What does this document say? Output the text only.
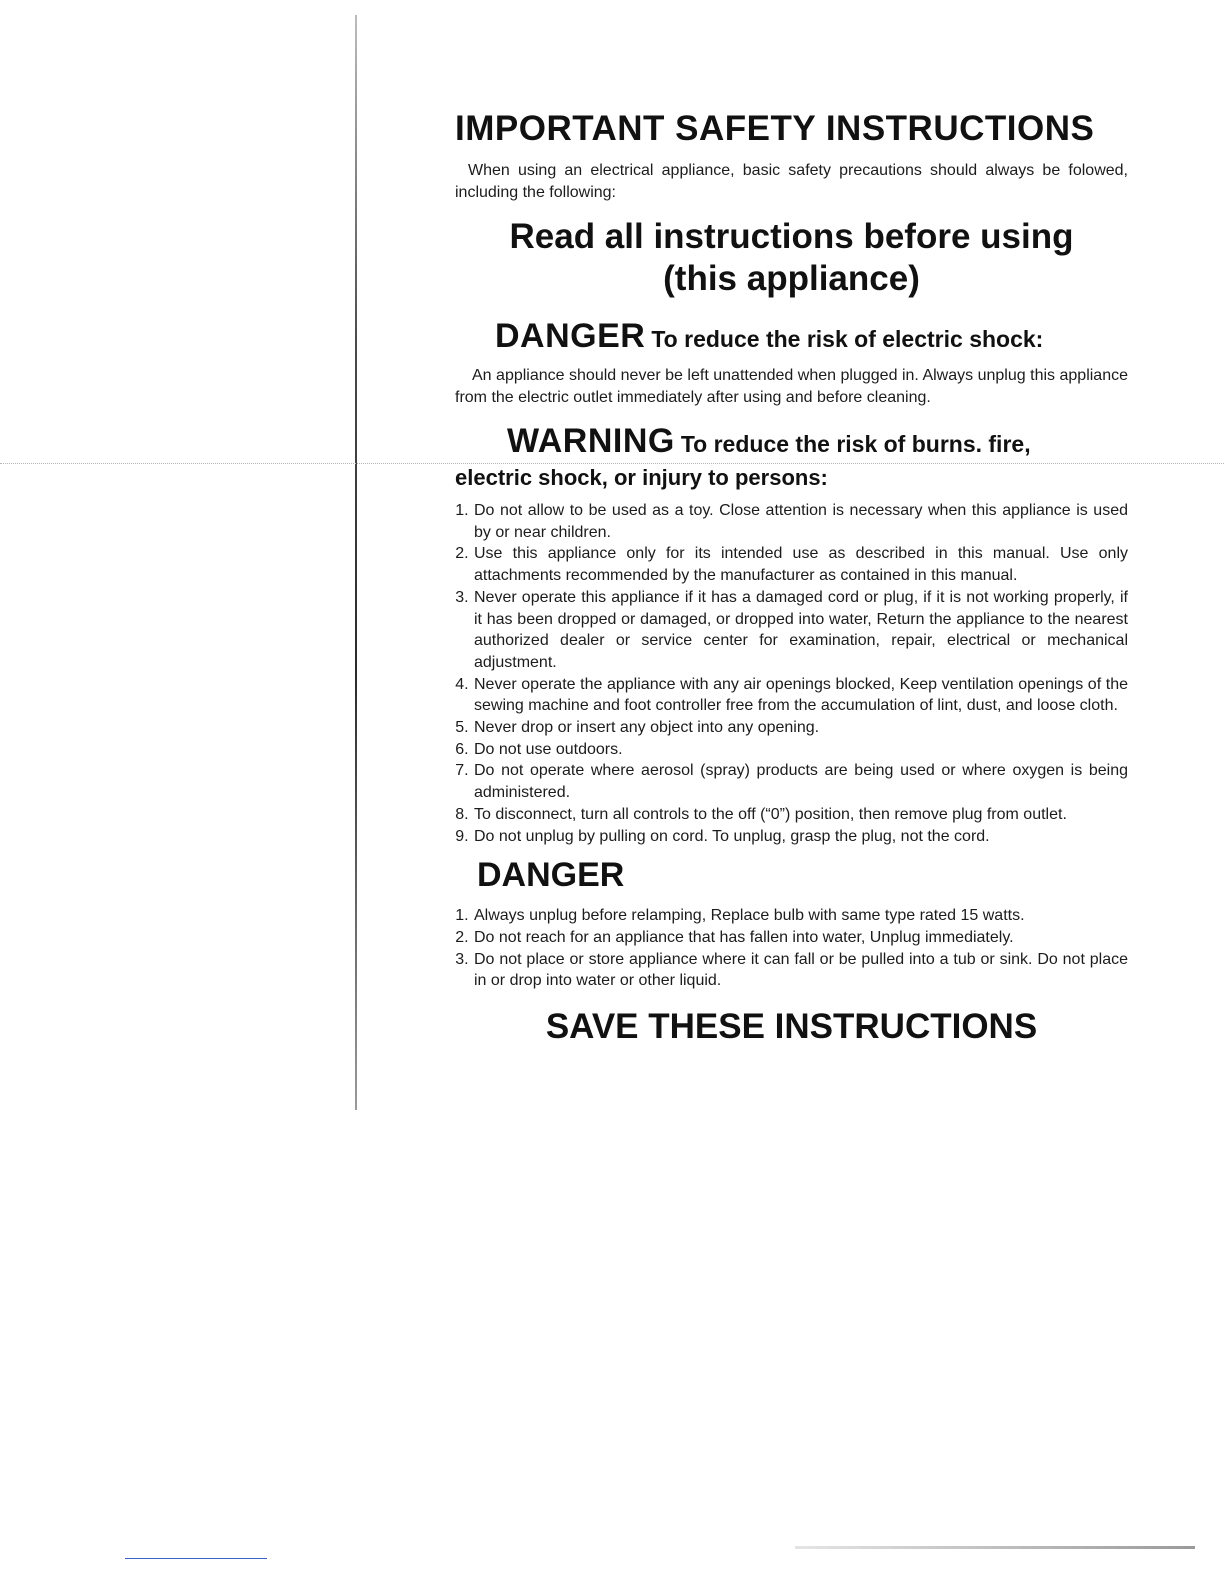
IMPORTANT SAFETY INSTRUCTIONS

When using an electrical appliance, basic safety precautions should always be folowed, including the following:

Read all instructions before using
(this appliance)
DANGER To reduce the risk of electric shock:

An appliance should never be left unattended when plugged in. Always unplug this appliance from the electric outlet immediately after using and before cleaning.

WARNING To reduce the risk of burns. fire,
electric shock, or injury to persons:
1. Do not allow to be used as a toy. Close attention is necessary when this appliance is used by or near children.
2. Use this appliance only for its intended use as described in this manual. Use only attachments recommended by the manufacturer as contained in this manual.
3. Never operate this appliance if it has a damaged cord or plug, if it is not working properly, if it has been dropped or damaged, or dropped into water, Return the appliance to the nearest authorized dealer or service center for examination, repair, electrical or mechanical adjustment.
4. Never operate the appliance with any air openings blocked, Keep ventilation openings of the sewing machine and foot controller free from the accumulation of lint, dust, and loose cloth.
5. Never drop or insert any object into any opening.
6. Do not use outdoors.
7. Do not operate where aerosol (spray) products are being used or where oxygen is being administered.
8. To disconnect, turn all controls to the off (“0”) position, then remove plug from outlet.
9. Do not unplug by pulling on cord. To unplug, grasp the plug, not the cord.
DANGER
1. Always unplug before relamping, Replace bulb with same type rated 15 watts.
2. Do not reach for an appliance that has fallen into water, Unplug immediately.
3. Do not place or store appliance where it can fall or be pulled into a tub or sink. Do not place in or drop into water or other liquid.
SAVE THESE INSTRUCTIONS
